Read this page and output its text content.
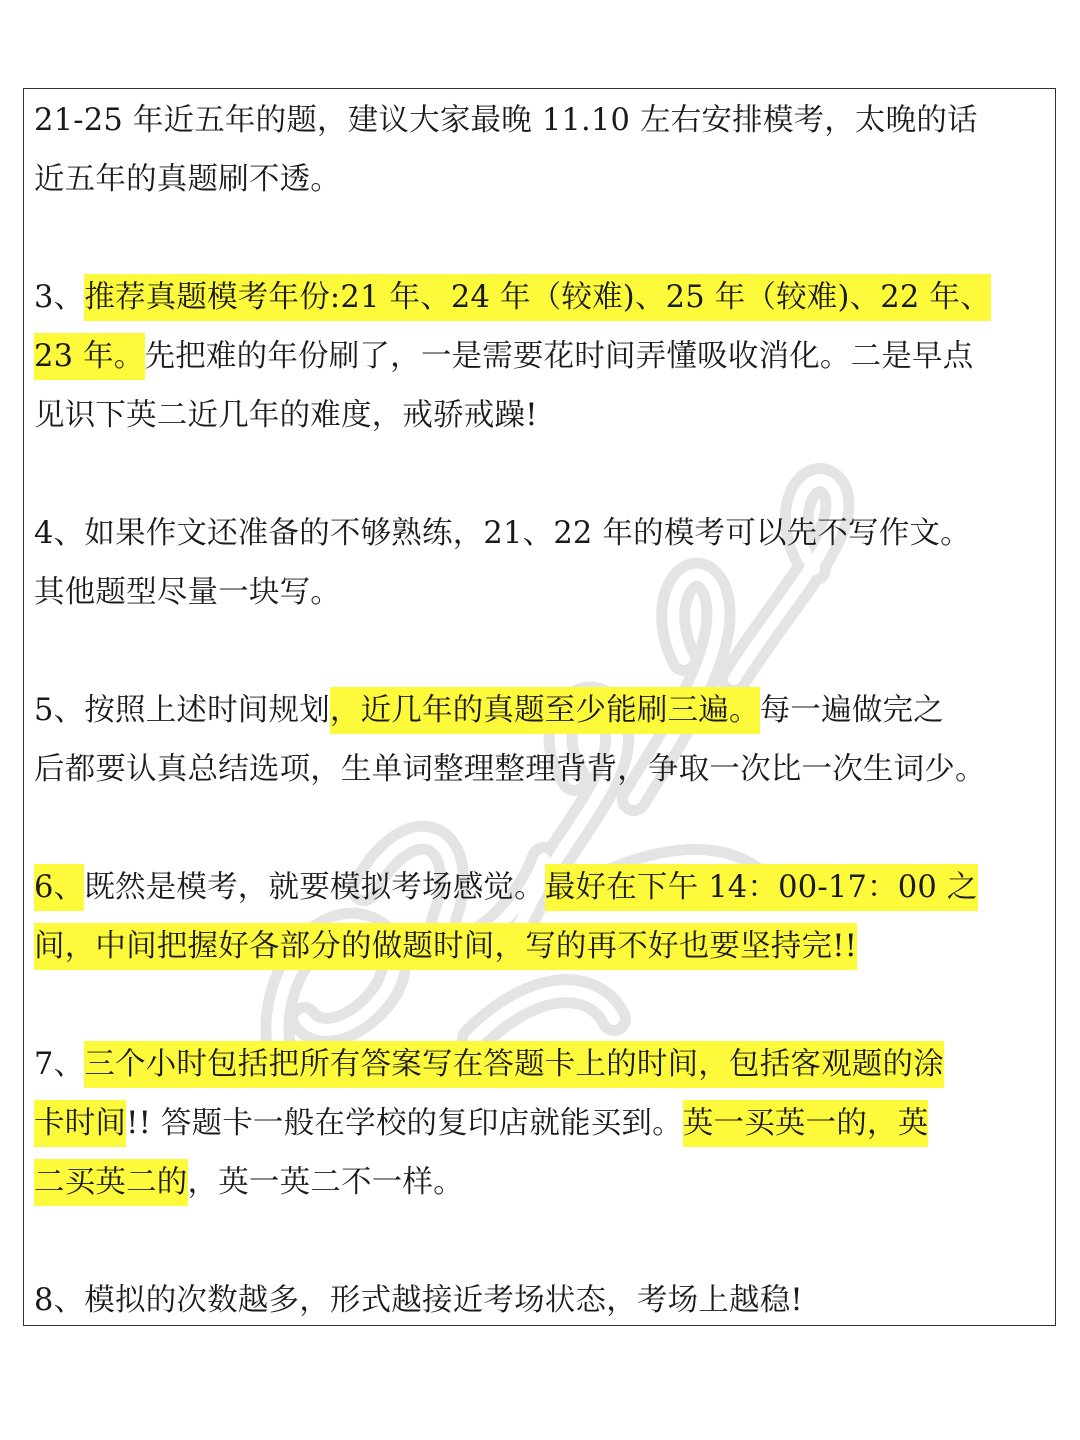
21-25 年近五年的题，建议大家最晚 11.10 左右安排模考，太晚的话
近五年的真题刷不透。
3、推荐真题模考年份:21 年、24 年（较难)、25 年（较难)、22 年、
23 年。先把难的年份刷了，一是需要花时间弄懂吸收消化。二是早点
见识下英二近几年的难度，戒骄戒躁!
4、如果作文还准备的不够熟练，21、22 年的模考可以先不写作文。
其他题型尽量一块写。
5、按照上述时间规划，近几年的真题至少能刷三遍。每一遍做完之
后都要认真总结选项，生单词整理整理背背，争取一次比一次生词少。
6、既然是模考，就要模拟考场感觉。最好在下午 14：00-17：00 之
间，中间把握好各部分的做题时间，写的再不好也要坚持完!!
7、三个小时包括把所有答案写在答题卡上的时间，包括客观题的涂
卡时间!! 答题卡一般在学校的复印店就能买到。英一买英一的，英
二买英二的，英一英二不一样。
8、模拟的次数越多，形式越接近考场状态，考场上越稳!
